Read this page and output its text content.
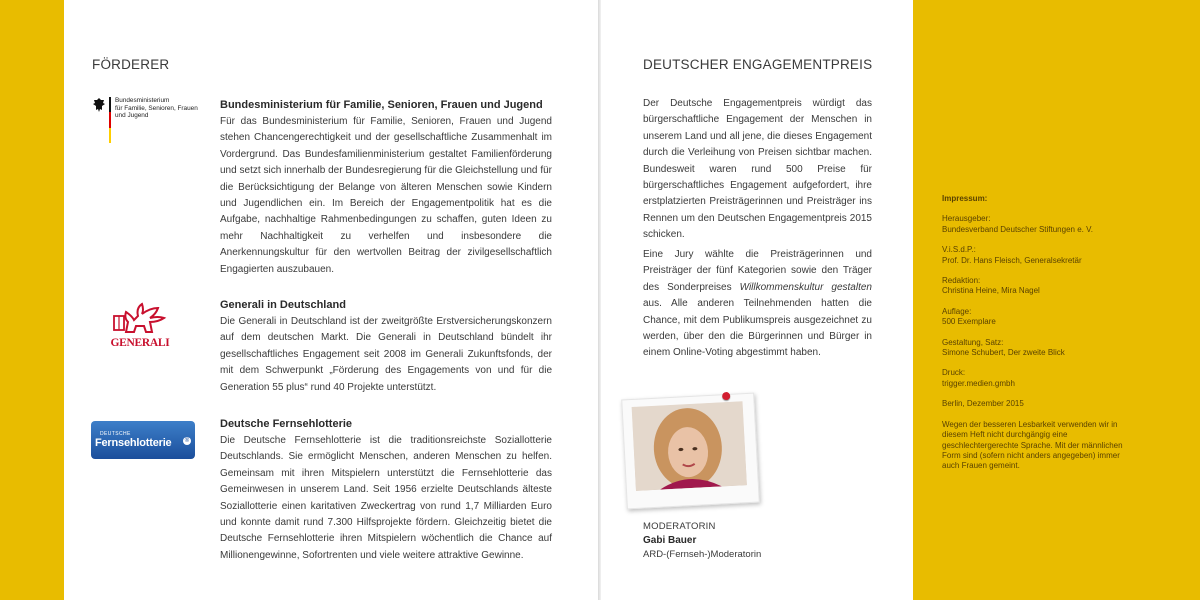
FÖRDERER
Bundesministerium
für Familie, Senioren, Frauen
und Jugend
Bundesministerium für Familie, Senioren, Frauen und Jugend

Für das Bundesministerium für Familie, Senioren, Frauen und Jugend stehen Chancengerechtigkeit und der gesellschaftliche Zusammenhalt im Vordergrund. Das Bundesfamilienministerium gestaltet Familienförderung und setzt sich innerhalb der Bundesregierung für die Gleichstellung und für die Berücksichtigung der Belange von älteren Menschen sowie Kindern und Jugendlichen ein. Im Bereich der Engagementpolitik hat es die Aufgabe, nachhaltige Rahmenbedingungen zu schaffen, guten Ideen zu mehr Nachhaltigkeit zu verhelfen und insbesondere die Anerkennungskultur für den wertvollen Beitrag der zivilgesellschaftlich Engagierten auszubauen.

GENERALI
Generali in Deutschland

Die Generali in Deutschland ist der zweitgrößte Erstversicherungskonzern auf dem deutschen Markt. Die Generali in Deutschland bündelt ihr gesellschaftliches Engagement seit 2008 im Generali Zukunftsfonds, der mit dem Schwerpunkt „Förderung des Engagements von und für die Generation 55 plus“ rund 40 Projekte unterstützt.

DEUTSCHE
Fernsehlotterie ®
Deutsche Fernsehlotterie

Die Deutsche Fernsehlotterie ist die traditionsreichste Soziallotterie Deutschlands. Sie ermöglicht Menschen, anderen Menschen zu helfen. Gemeinsam mit ihren Mitspielern unterstützt die Fernsehlotterie das Gemeinwesen in unserem Land. Seit 1956 erzielte Deutschlands älteste Soziallotterie einen karitativen Zweckertrag von rund 1,7 Milliarden Euro und konnte damit rund 7.300 Hilfsprojekte fördern. Gleichzeitig bietet die Deutsche Fernsehlotterie ihren Mitspielern wöchentlich die Chance auf Millionengewinne, Sofortrenten und viele weitere attraktive Gewinne.

DEUTSCHER ENGAGEMENTPREIS

Der Deutsche Engagementpreis würdigt das bürgerschaftliche Engagement der Menschen in unserem Land und all jene, die dieses Engagement durch die Verleihung von Preisen sichtbar machen. Bundesweit waren rund 500 Preise für bürgerschaftliches Engagement aufgefordert, ihre erstplatzierten Preisträgerinnen und Preisträger ins Rennen um den Deutschen Engagementpreis 2015 schicken.

Eine Jury wählte die Preisträgerinnen und Preisträger der fünf Kategorien sowie den Träger des Sonderpreises Willkommenskultur gestalten aus. Alle anderen Teilnehmenden hatten die Chance, mit dem Publikumspreis ausgezeichnet zu werden, über den die Bürgerinnen und Bürger in einem Online-Voting abgestimmt haben.

MODERATORIN
Gabi Bauer
ARD-(Fernseh-)Moderatorin
Impressum:
Herausgeber:
Bundesverband Deutscher Stiftungen e. V.
V.i.S.d.P.:
Prof. Dr. Hans Fleisch, Generalsekretär
Redaktion:
Christina Heine, Mira Nagel
Auflage:
500 Exemplare
Gestaltung, Satz:
Simone Schubert, Der zweite Blick
Druck:
trigger.medien.gmbh
Berlin, Dezember 2015
Wegen der besseren Lesbarkeit verwenden wir in diesem Heft nicht durchgängig eine geschlechtergerechte Sprache. Mit der männlichen Form sind (sofern nicht anders angegeben) immer auch Frauen gemeint.
